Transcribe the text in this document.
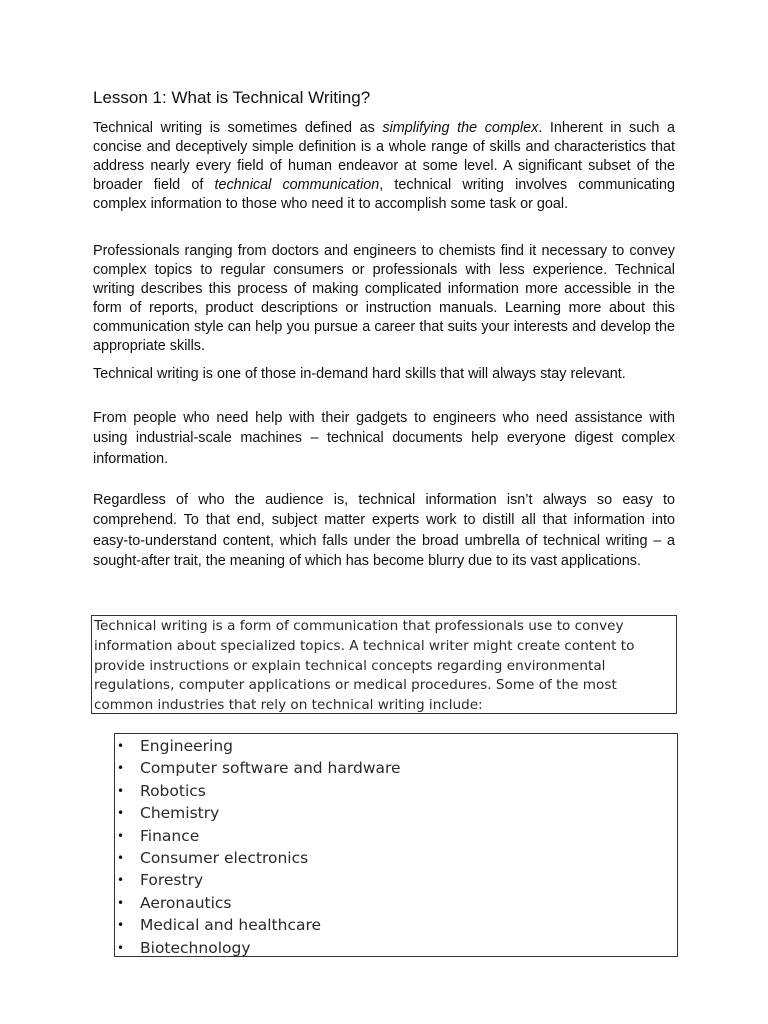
Lesson 1: What is Technical Writing?

Technical writing is sometimes defined as simplifying the complex. Inherent in such a concise and deceptively simple definition is a whole range of skills and characteristics that address nearly every field of human endeavor at some level. A significant subset of the broader field of technical communication, technical writing involves communicating complex information to those who need it to accomplish some task or goal.

Professionals ranging from doctors and engineers to chemists find it necessary to convey complex topics to regular consumers or professionals with less experience. Technical writing describes this process of making complicated information more accessible in the form of reports, product descriptions or instruction manuals. Learning more about this communication style can help you pursue a career that suits your interests and develop the appropriate skills.

Technical writing is one of those in-demand hard skills that will always stay relevant.

From people who need help with their gadgets to engineers who need assistance with using industrial-scale machines – technical documents help everyone digest complex information.

Regardless of who the audience is, technical information isn’t always so easy to comprehend. To that end, subject matter experts work to distill all that information into easy-to-understand content, which falls under the broad umbrella of technical writing – a sought-after trait, the meaning of which has become blurry due to its vast applications.

Technical writing is a form of communication that professionals use to convey information about specialized topics. A technical writer might create content to provide instructions or explain technical concepts regarding environmental regulations, computer applications or medical procedures. Some of the most common industries that rely on technical writing include:
• Engineering
• Computer software and hardware
• Robotics
• Chemistry
• Finance
• Consumer electronics
• Forestry
• Aeronautics
• Medical and healthcare
• Biotechnology
